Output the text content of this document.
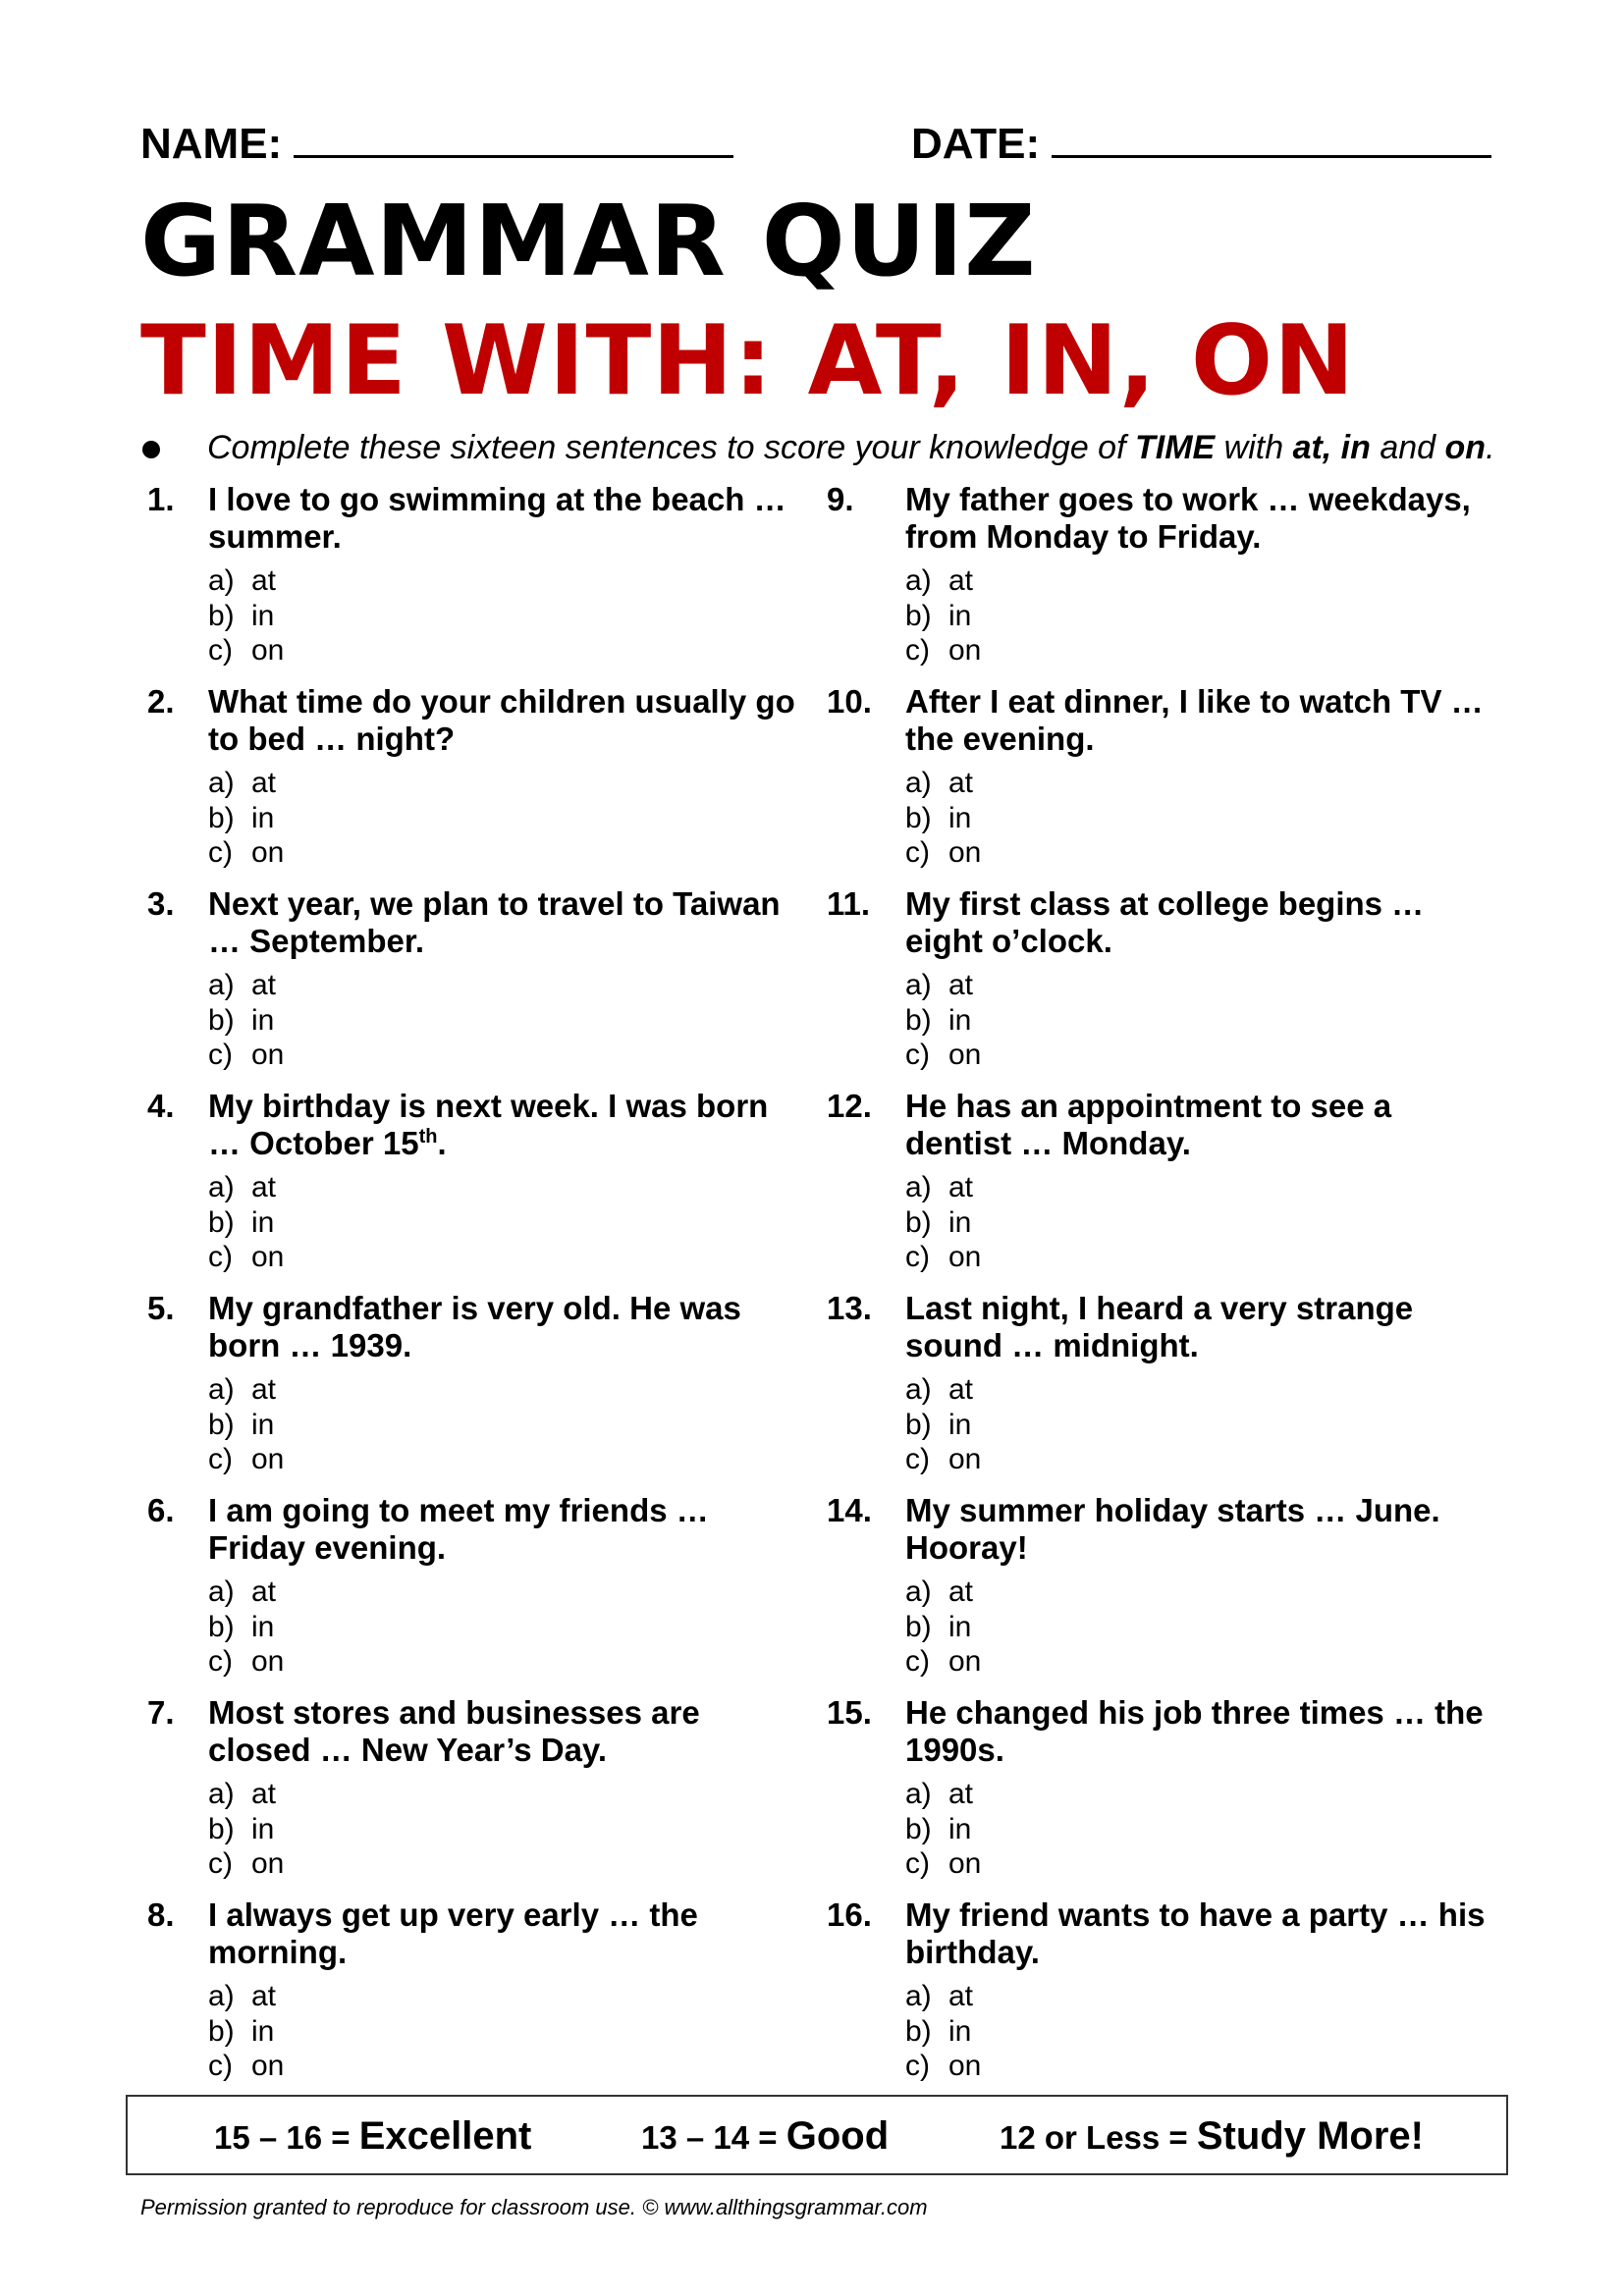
NAME:	DATE:
GRAMMAR QUIZ
TIME WITH: AT, IN, ON
Complete these sixteen sentences to score your knowledge of TIME with at, in and on.
1. I love to go swimming at the beach … summer.
a) at
b) in
c) on
2. What time do your children usually go to bed … night?
a) at
b) in
c) on
3. Next year, we plan to travel to Taiwan … September.
a) at
b) in
c) on
4. My birthday is next week. I was born … October 15th.
a) at
b) in
c) on
5. My grandfather is very old. He was born … 1939.
a) at
b) in
c) on
6. I am going to meet my friends … Friday evening.
a) at
b) in
c) on
7. Most stores and businesses are closed … New Year’s Day.
a) at
b) in
c) on
8. I always get up very early … the morning.
a) at
b) in
c) on
9. My father goes to work … weekdays, from Monday to Friday.
a) at
b) in
c) on
10. After I eat dinner, I like to watch TV … the evening.
a) at
b) in
c) on
11. My first class at college begins … eight o’clock.
a) at
b) in
c) on
12. He has an appointment to see a dentist … Monday.
a) at
b) in
c) on
13. Last night, I heard a very strange sound … midnight.
a) at
b) in
c) on
14. My summer holiday starts … June. Hooray!
a) at
b) in
c) on
15. He changed his job three times … the 1990s.
a) at
b) in
c) on
16. My friend wants to have a party … his birthday.
a) at
b) in
c) on
15 – 16 = Excellent	13 – 14 = Good	12 or Less = Study More!
Permission granted to reproduce for classroom use. © www.allthingsgrammar.com
